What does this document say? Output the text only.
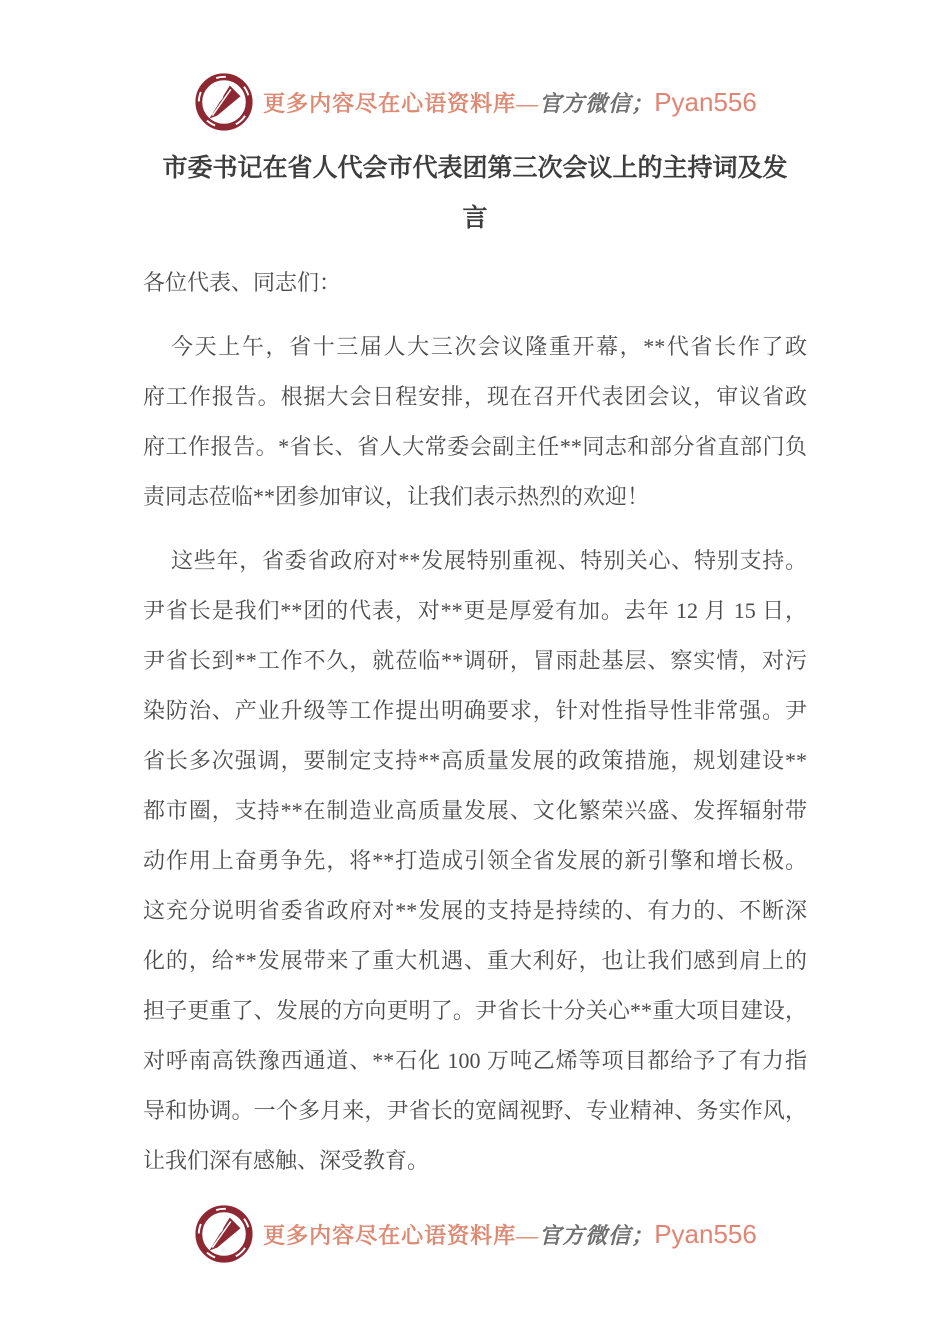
更多内容尽在心语资料库—官方微信；Pyan556
市委书记在省人代会市代表团第三次会议上的主持词及发
言
各位代表、同志们：
今天上午，省十三届人大三次会议隆重开幕，**代省长作了政
府工作报告。根据大会日程安排，现在召开代表团会议，审议省政
府工作报告。*省长、省人大常委会副主任**同志和部分省直部门负
责同志莅临**团参加审议，让我们表示热烈的欢迎！
这些年，省委省政府对**发展特别重视、特别关心、特别支持。
尹省长是我们**团的代表，对**更是厚爱有加。去年 12 月 15 日，
尹省长到**工作不久，就莅临**调研，冒雨赴基层、察实情，对污
染防治、产业升级等工作提出明确要求，针对性指导性非常强。尹
省长多次强调，要制定支持**高质量发展的政策措施，规划建设**
都市圈，支持**在制造业高质量发展、文化繁荣兴盛、发挥辐射带
动作用上奋勇争先，将**打造成引领全省发展的新引擎和增长极。
这充分说明省委省政府对**发展的支持是持续的、有力的、不断深
化的，给**发展带来了重大机遇、重大利好，也让我们感到肩上的
担子更重了、发展的方向更明了。尹省长十分关心**重大项目建设，
对呼南高铁豫西通道、**石化 100 万吨乙烯等项目都给予了有力指
导和协调。一个多月来，尹省长的宽阔视野、专业精神、务实作风，
让我们深有感触、深受教育。
更多内容尽在心语资料库—官方微信；Pyan556
